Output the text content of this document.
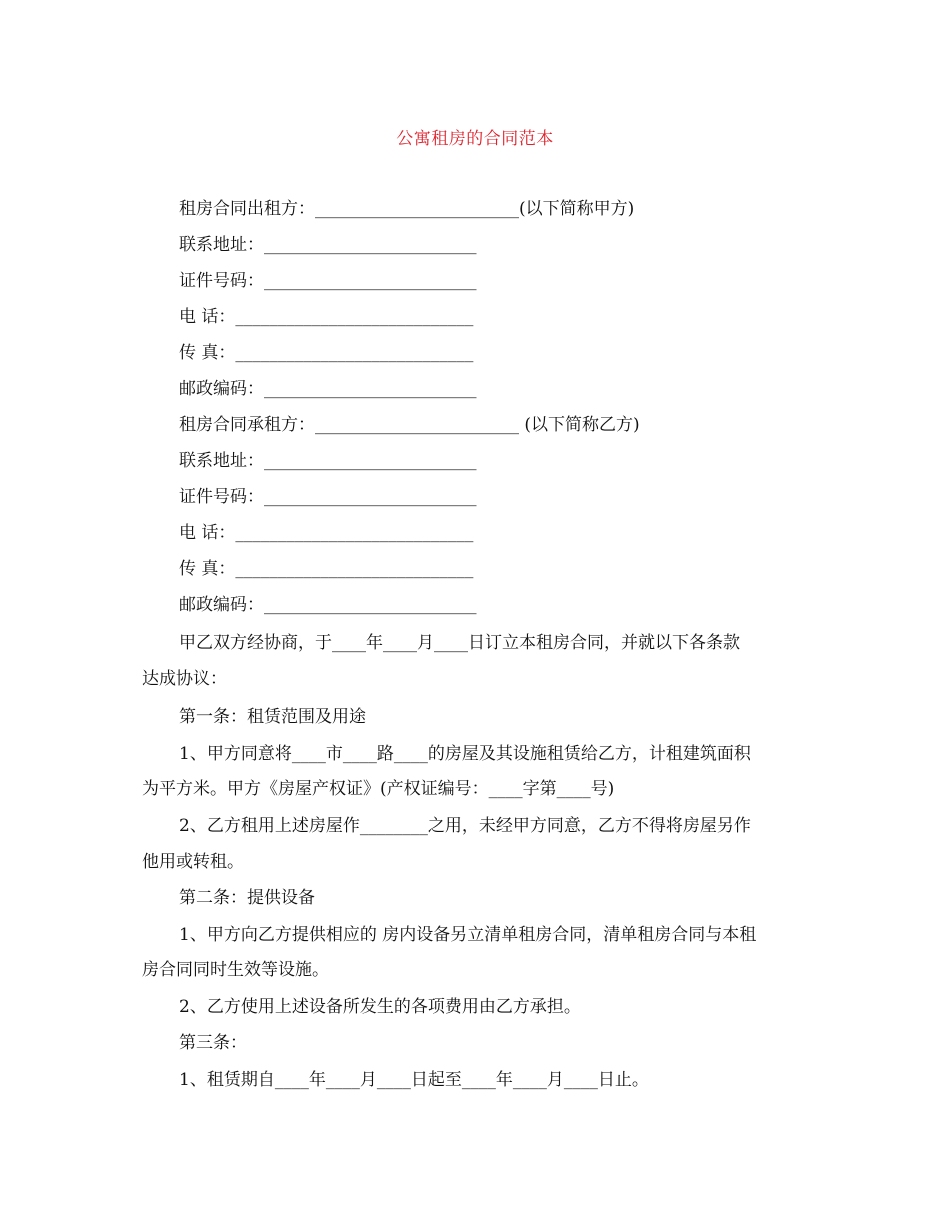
公寓租房的合同范本
租房合同出租方：________________________(以下简称甲方)
联系地址：_________________________
证件号码：_________________________
电 话：____________________________
传 真：____________________________
邮政编码：_________________________
租房合同承租方：________________________ (以下简称乙方)
联系地址：_________________________
证件号码：_________________________
电 话：____________________________
传 真：____________________________
邮政编码：_________________________
甲乙双方经协商，于____年____月____日订立本租房合同，并就以下各条款
达成协议：
第一条：租赁范围及用途
1、甲方同意将____市____路____的房屋及其设施租赁给乙方，计租建筑面积
为平方米。甲方《房屋产权证》(产权证编号：____字第____号)
2、乙方租用上述房屋作________之用，未经甲方同意，乙方不得将房屋另作
他用或转租。
第二条：提供设备
1、甲方向乙方提供相应的 房内设备另立清单租房合同，清单租房合同与本租
房合同同时生效等设施。
2、乙方使用上述设备所发生的各项费用由乙方承担。
第三条：
1、租赁期自____年____月____日起至____年____月____日止。
